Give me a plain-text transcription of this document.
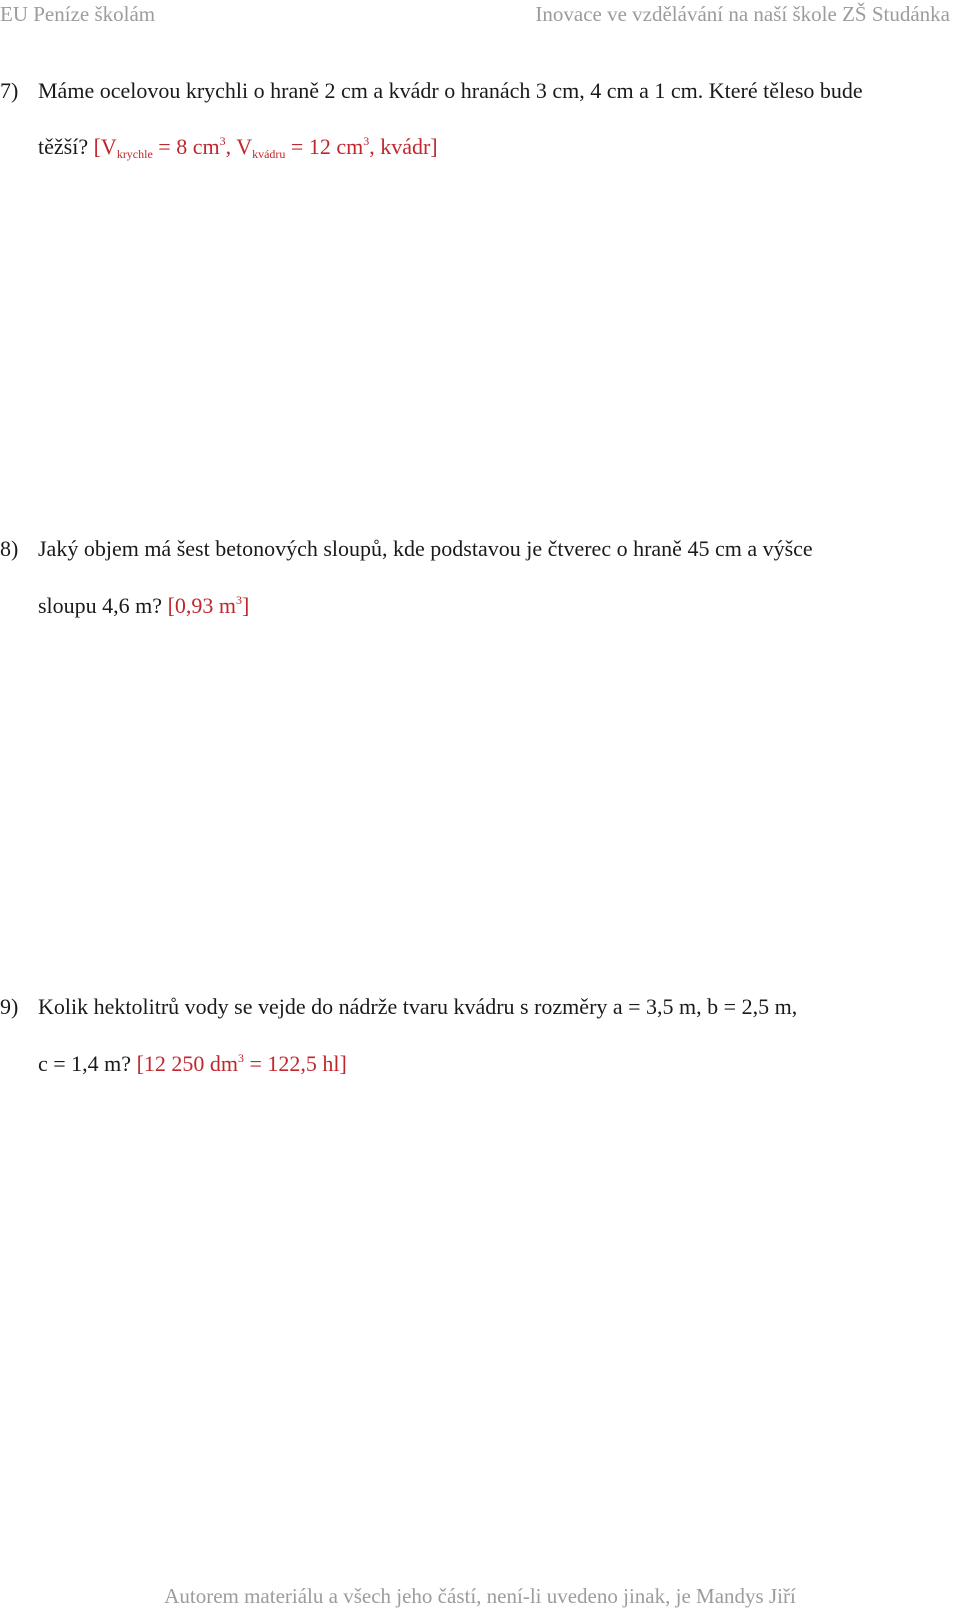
EU Peníze školám	Inovace ve vzdělávání na naší škole ZŠ Studánka
7) Máme ocelovou krychli o hraně 2 cm a kvádr o hranách 3 cm, 4 cm a 1 cm. Které těleso bude
těžší? [$V_{krychle} = 8$ $cm^3$, $V_{kvádru} = 12$ $cm^3$, kvádr]
8) Jaký objem má šest betonových sloupů, kde podstavou je čtverec o hraně 45 cm a výšce
sloupu 4,6 m? [0,93 $m^3$]
9) Kolik hektolitrů vody se vejde do nádrže tvaru kvádru s rozměry a = 3,5 m, b = 2,5 m,
c = 1,4 m? [12 250 $dm^3 = 122,5$ hl]
Autorem materiálu a všech jeho částí, není-li uvedeno jinak, je Mandys Jiří
